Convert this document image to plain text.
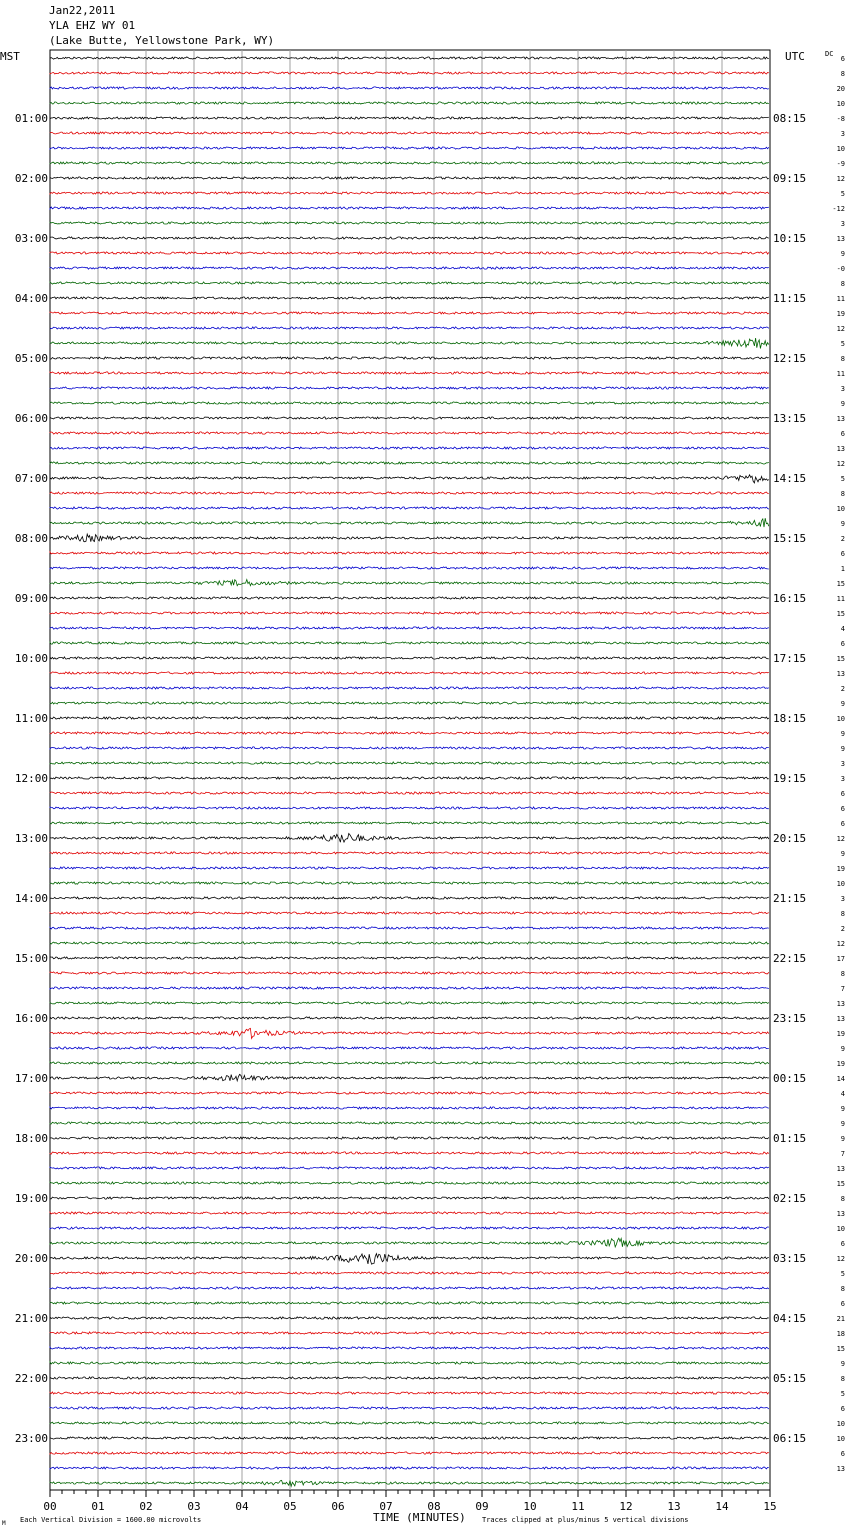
Jan22,2011
YLA EHZ WY 01
(Lake Butte, Yellowstone Park, WY)
MST	UTC	DC
00	01	02	03	04	05	06	07	08	09	10	11	12	13	14	15
6
8
20
10
-8
3
10
-9
12
5
-12
3
13
9
-0
8
11
19
12
5
8
11
3
9
13
6
13
12
5
8
10
9
2
6
1
15
11
15
4
6
15
13
2
9
10
9
9
3
3
6
6
6
12
9
19
10
3
8
2
12
17
8
7
13
13
19
9
19
14
4
9
9
9
7
13
15
8
13
10
6
12
5
8
6
21
18
15
9
8
5
6
10
10
6
13
01:00
02:00
03:00
04:00
05:00
06:00
07:00
08:00
09:00
10:00
11:00
12:00
13:00
14:00
15:00
16:00
17:00
18:00
19:00
20:00
21:00
22:00
23:00
08:15
09:15
10:15
11:15
12:15
13:15
14:15
15:15
16:15
17:15
18:15
19:15
20:15
21:15
22:15
23:15
00:15
01:15
02:15
03:15
04:15
05:15
06:15
TIME (MINUTES)
Each Vertical Division = 1600.00 microvolts	Traces clipped at plus/minus 5 vertical divisions
M
